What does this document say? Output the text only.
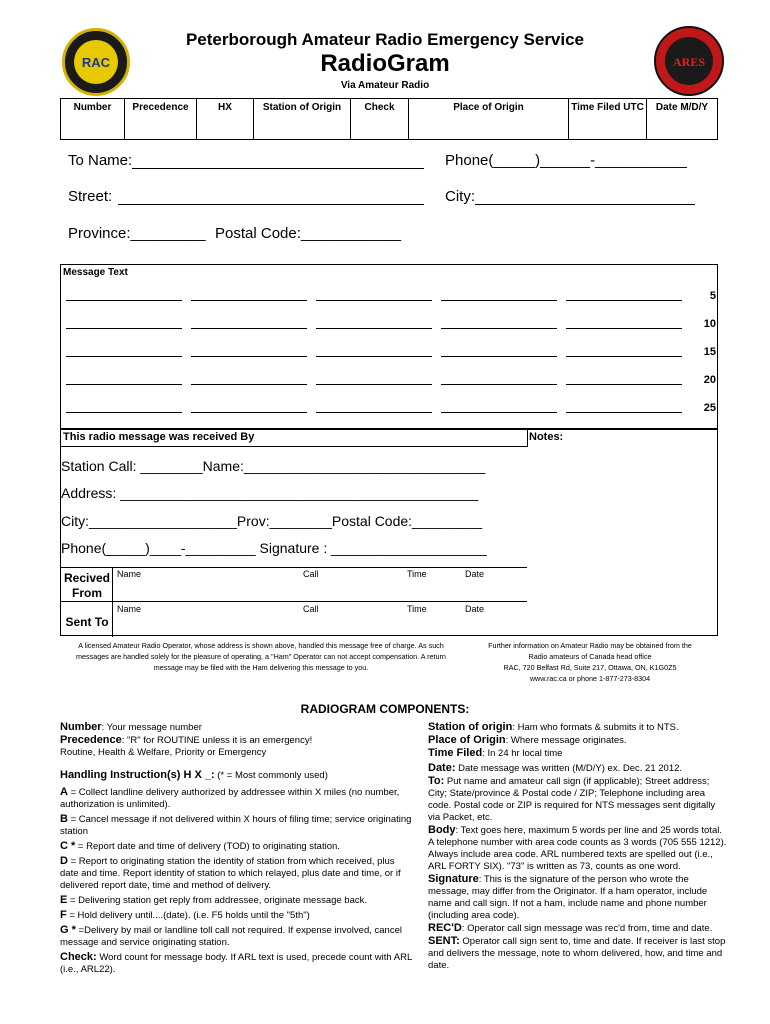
RAC	ARES
Peterborough Amateur Radio Emergency Service
RadioGram
Via Amateur Radio
Number	Precedence	HX	Station of Origin	Check	Place of Origin	Time Filed UTC	Date M/D/Y
To Name:	Phone(_____)______-___________
Street:	City:
Province:_________ Postal Code:____________
Message Text
5
10
15
20
25
This radio message was received By	Notes:
Station Call: ________Name:_______________________________
Address: ______________________________________________
City:___________________Prov:________Postal Code:_________
Phone(_____)____-_________ Signature : ____________________
Recived
From
Name	Call	Time	Date
Sent To
Name	Call	Time	Date
A licensed Amateur Radio Operator, whose address is shown above, handled this message free of charge. As such
messages are handled solely for the pleasure of operating, a "Ham" Operator can not accept compensation. A return
message may be filed with the Ham delivering this message to you.
Further information on Amateur Radio may be obtained from the
Radio amateurs of Canada head office
RAC, 720 Belfast Rd, Suite 217, Ottawa, ON, K1G0Z5
www.rac.ca or phone 1-877-273-8304
RADIOGRAM COMPONENTS:
Number: Your message number
Precedence: "R" for ROUTINE unless it is an emergency!
Routine, Health & Welfare, Priority or Emergency
Handling Instruction(s) H X _: (* = Most commonly used)
A = Collect landline delivery authorized by addressee within X miles (no number, authorization is unlimited).
B = Cancel message if not delivered within X hours of filing time; service originating station
C * = Report date and time of delivery (TOD) to originating station.
D = Report to originating station the identity of station from which received, plus date and time. Report identity of station to which relayed, plus date and time, or if delivered report date, time and method of delivery.
E = Delivering station get reply from addressee, originate message back.
F = Hold delivery until....(date). (i.e. F5 holds until the "5th")
G * =Delivery by mail or landline toll call not required. If expense involved, cancel message and service originating station.
Check: Word count for message body. If ARL text is used, precede count with ARL (i.e., ARL22).
Station of origin: Ham who formats & submits it to NTS.
Place of Origin: Where message originates.
Time Filed: In 24 hr local time
Date: Date message was written (M/D/Y) ex. Dec. 21 2012.
To: Put name and amateur call sign (if applicable); Street address; City; State/province & Postal code / ZIP; Telephone including area code. Postal code or ZIP is required for NTS messages sent digitally via Packet, etc.
Body: Text goes here, maximum 5 words per line and 25 words total. A telephone number with area code counts as 3 words (705 555 1212). Always include area code. ARL numbered texts are spelled out (i.e., ARL FORTY SIX). "73" is written as 73, counts as one word.
Signature: This is the signature of the person who wrote the message, may differ from the Originator. If a ham operator, include name and call sign. If not a ham, include name and phone number (including area code).
REC'D: Operator call sign message was rec'd from, time and date.
SENT: Operator call sign sent to, time and date. If receiver is last stop and delivers the message, note to whom delivered, how, and time and date.
